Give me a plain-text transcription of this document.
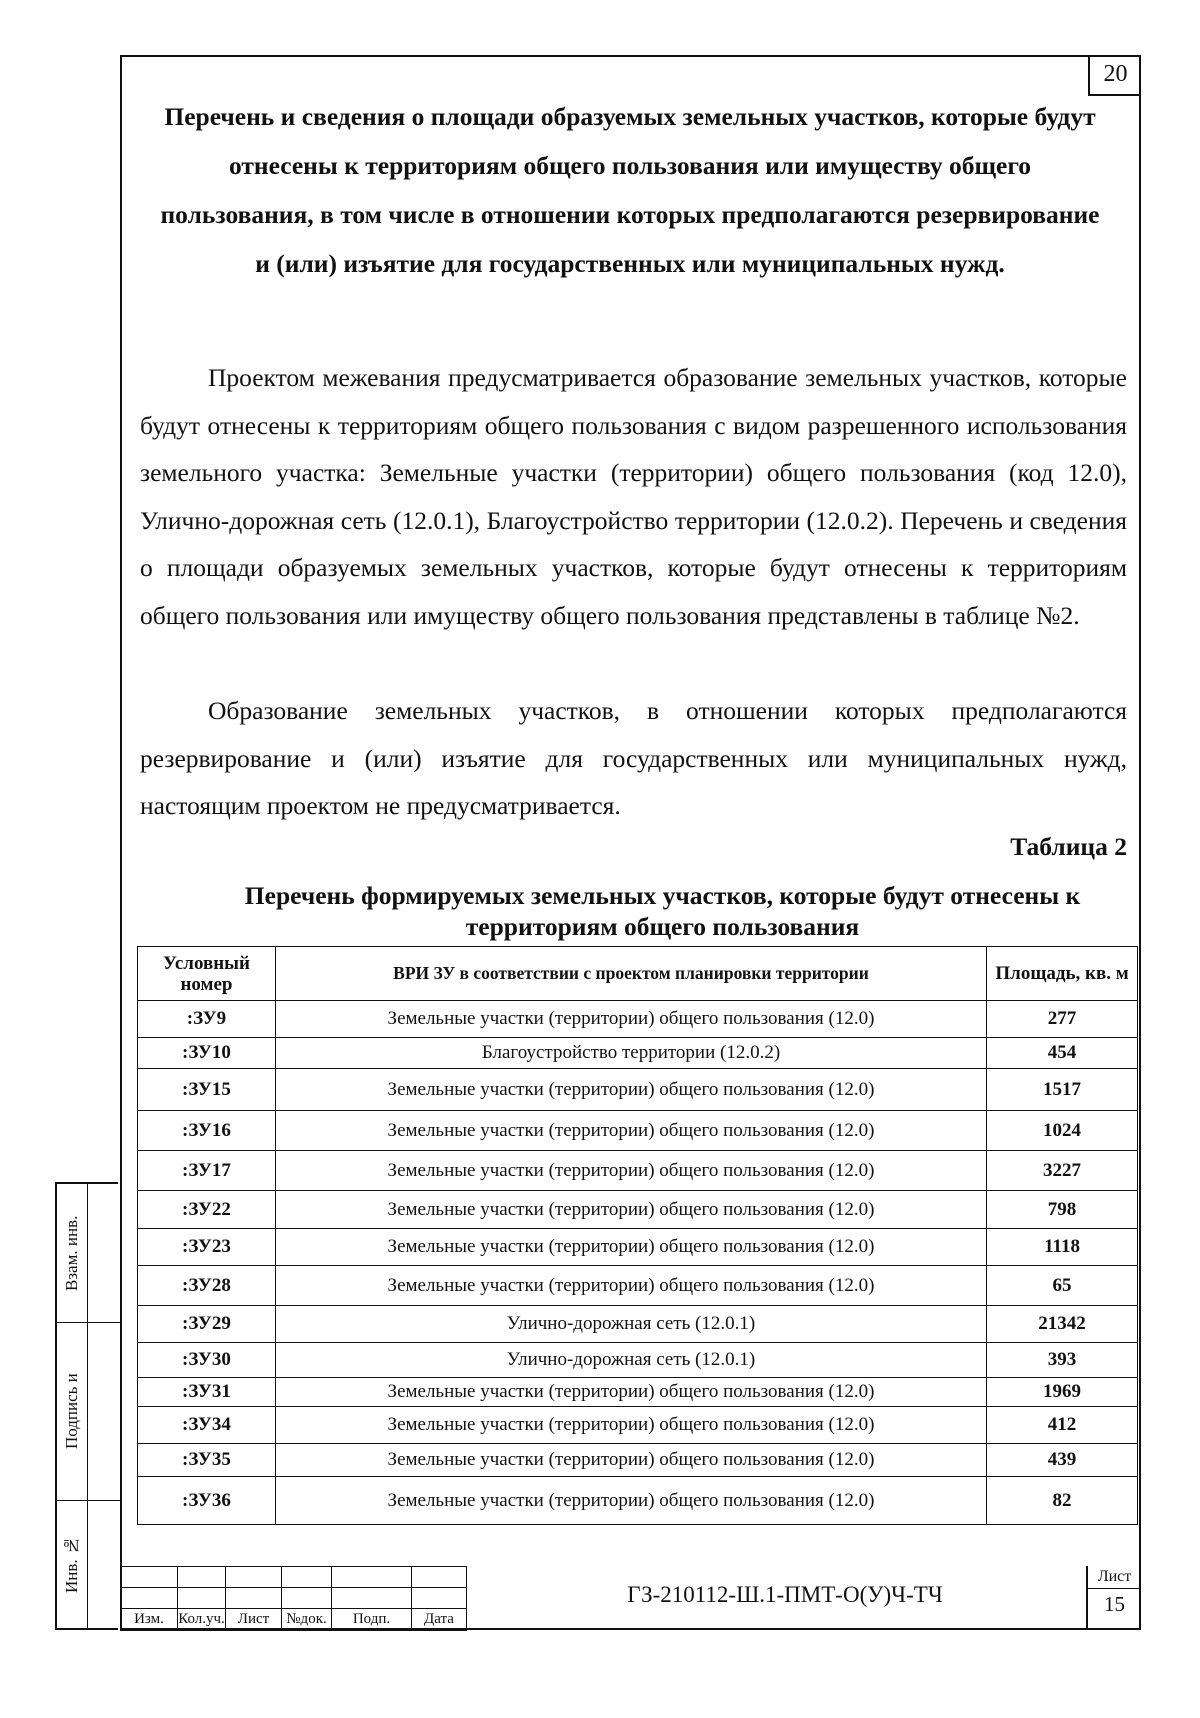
20
Перечень и сведения о площади образуемых земельных участков, которые будут отнесены к территориям общего пользования или имуществу общего пользования, в том числе в отношении которых предполагаются резервирование и (или) изъятие для государственных или муниципальных нужд.

Проектом межевания предусматривается образование земельных участков, которые будут отнесены к территориям общего пользования с видом разрешенного использования земельного участка: Земельные участки (территории) общего пользования (код 12.0), Улично-дорожная сеть (12.0.1), Благоустройство территории (12.0.2). Перечень и сведения о площади образуемых земельных участков, которые будут отнесены к территориям общего пользования или имуществу общего пользования представлены в таблице №2.

Образование земельных участков, в отношении которых предполагаются резервирование и (или) изъятие для государственных или муниципальных нужд, настоящим проектом не предусматривается.

Таблица 2
Перечень формируемых земельных участков, которые будут отнесены к территориям общего пользования
Условный номер	ВРИ ЗУ в соответствии с проектом планировки территории	Площадь, кв. м
:ЗУ9	Земельные участки (территории) общего пользования (12.0)	277
:ЗУ10	Благоустройство территории (12.0.2)	454
:ЗУ15	Земельные участки (территории) общего пользования (12.0)	1517
:ЗУ16	Земельные участки (территории) общего пользования (12.0)	1024
:ЗУ17	Земельные участки (территории) общего пользования (12.0)	3227
:ЗУ22	Земельные участки (территории) общего пользования (12.0)	798
:ЗУ23	Земельные участки (территории) общего пользования (12.0)	1118
:ЗУ28	Земельные участки (территории) общего пользования (12.0)	65
:ЗУ29	Улично-дорожная сеть (12.0.1)	21342
:ЗУ30	Улично-дорожная сеть (12.0.1)	393
:ЗУ31	Земельные участки (территории) общего пользования (12.0)	1969
:ЗУ34	Земельные участки (территории) общего пользования (12.0)	412
:ЗУ35	Земельные участки (территории) общего пользования (12.0)	439
:ЗУ36	Земельные участки (территории) общего пользования (12.0)	82
Взам. инв.
Подпись и
Инв. №

Изм.	Кол.уч.	Лист	№док.	Подп.	Дата
ГЗ-210112-Ш.1-ПМТ-О(У)Ч-ТЧ
Лист
15
